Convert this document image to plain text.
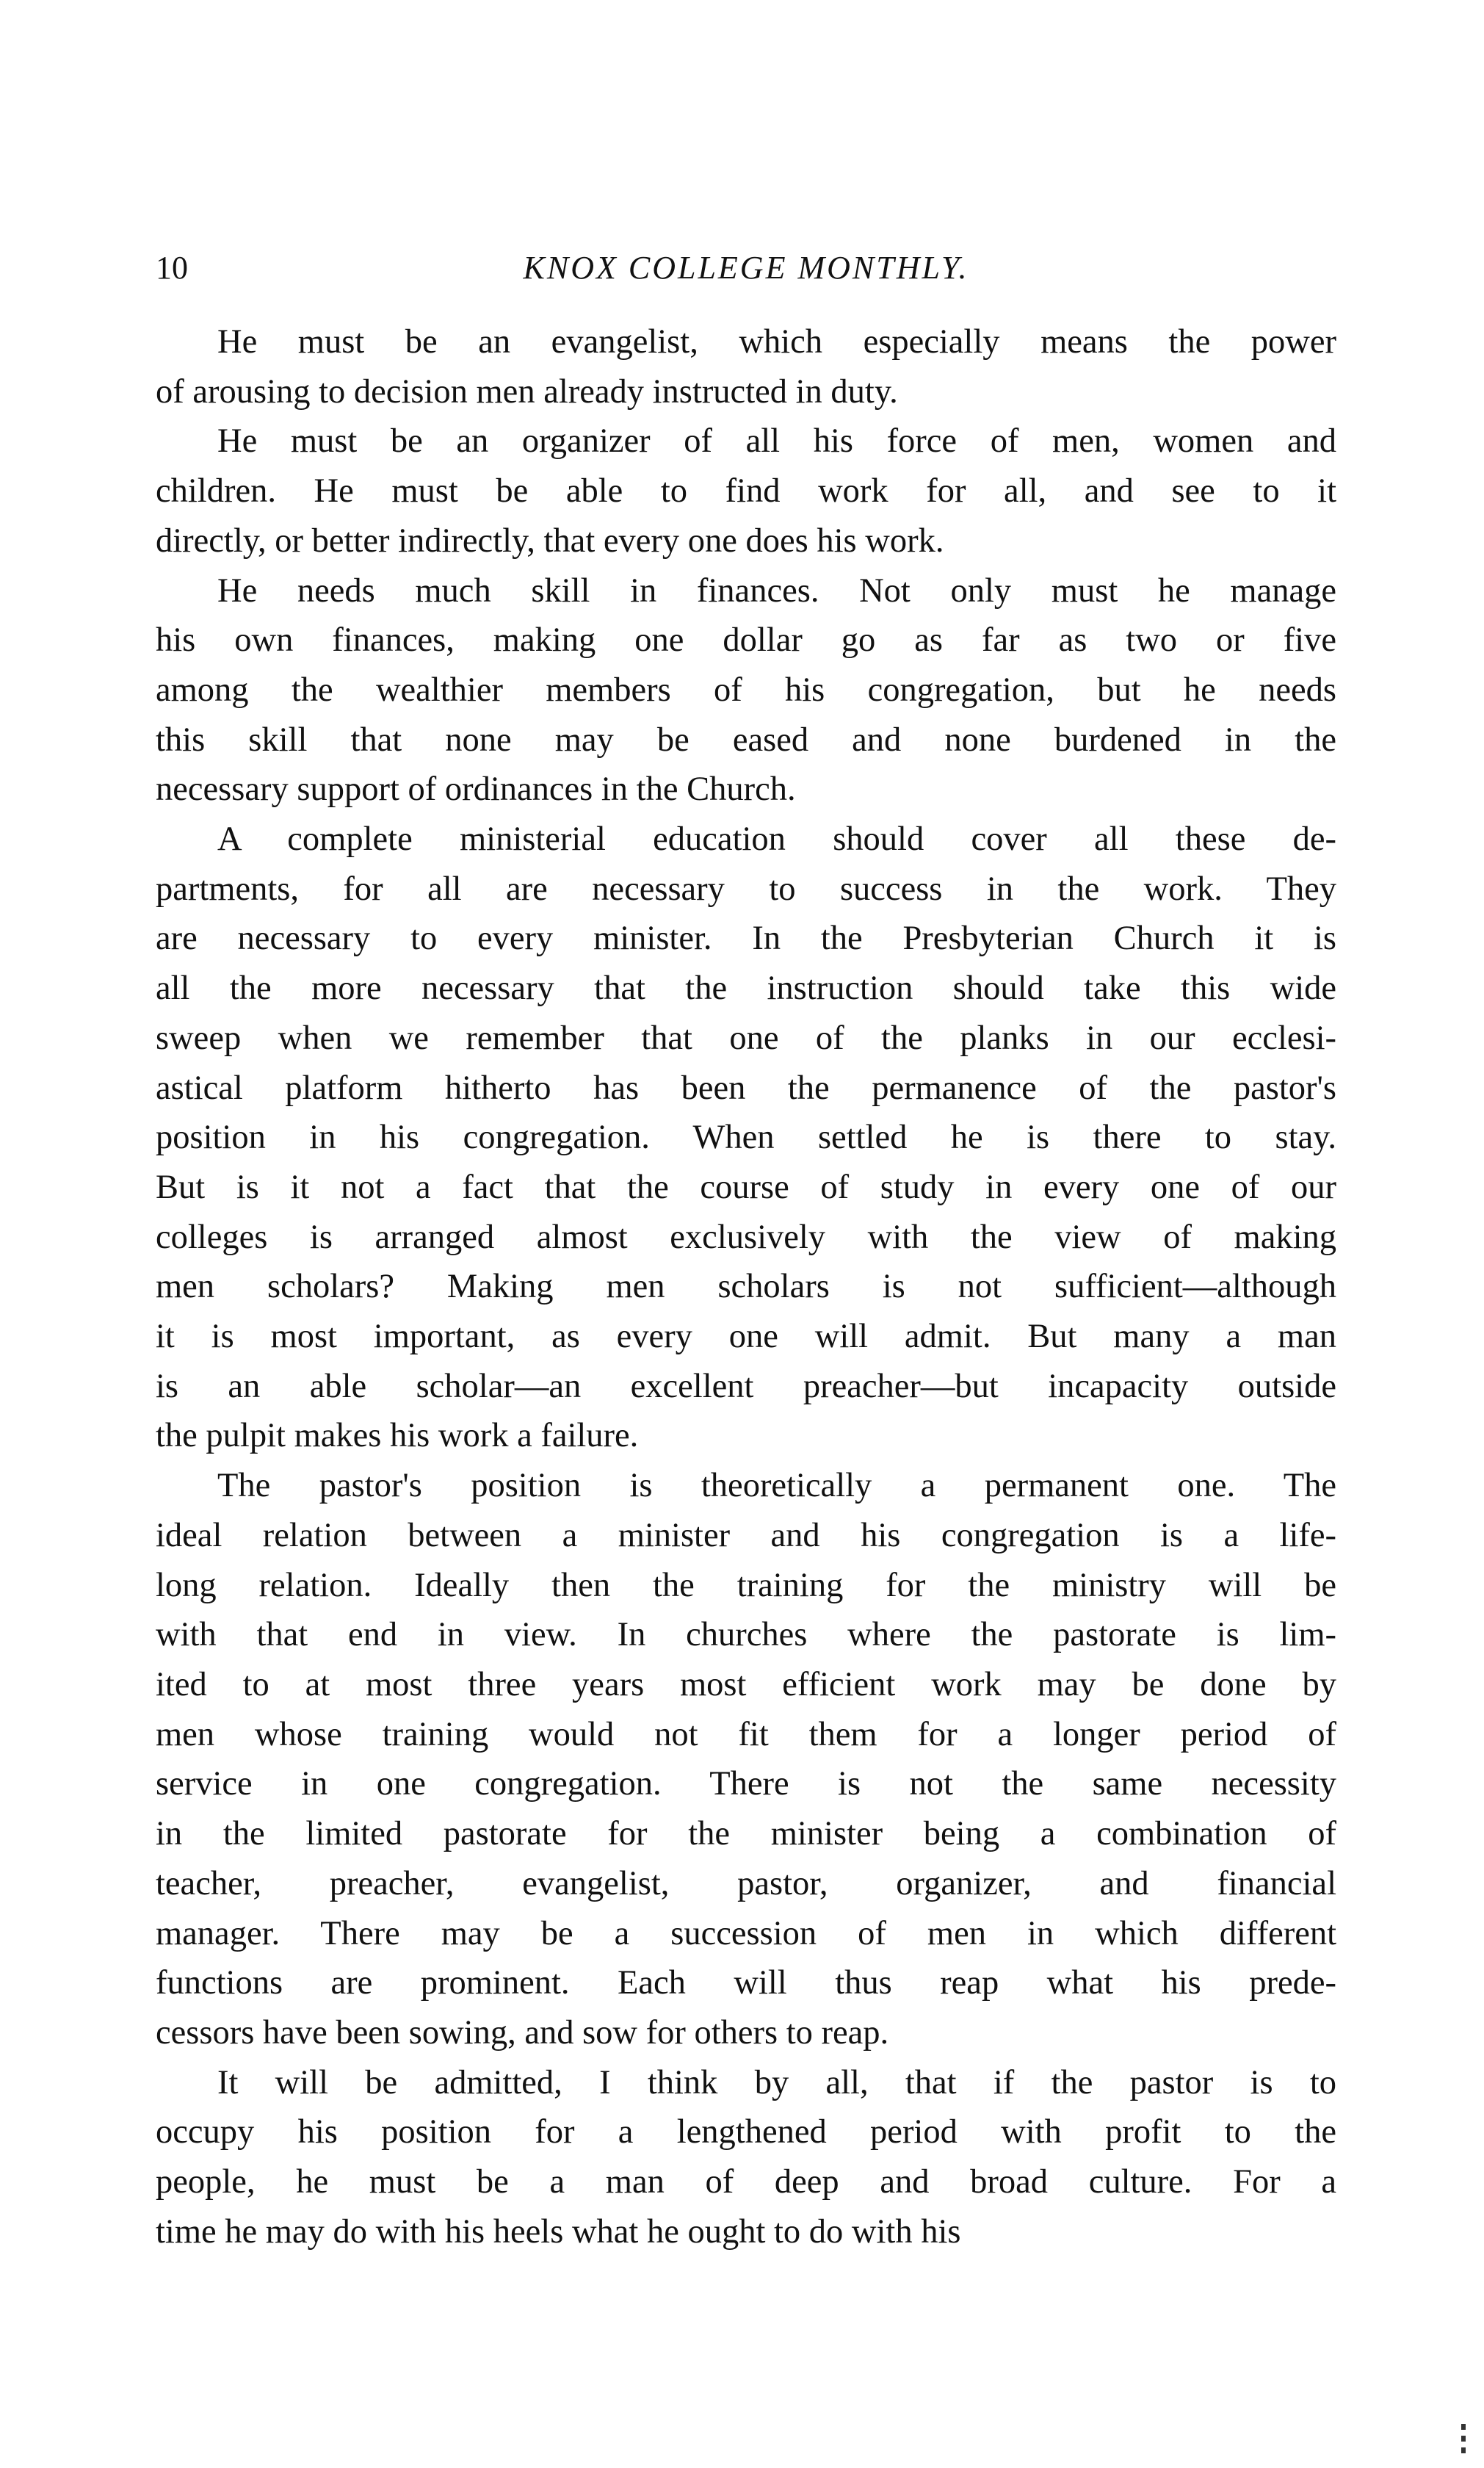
10	KNOX COLLEGE MONTHLY.
He must be an evangelist, which especially means the power
of arousing to decision men already instructed in duty.
He must be an organizer of all his force of men, women and
children. He must be able to find work for all, and see to it
directly, or better indirectly, that every one does his work.
He needs much skill in finances. Not only must he manage
his own finances, making one dollar go as far as two or five
among the wealthier members of his congregation, but he needs
this skill that none may be eased and none burdened in the
necessary support of ordinances in the Church.
A complete ministerial education should cover all these de-
partments, for all are necessary to success in the work. They
are necessary to every minister. In the Presbyterian Church it is
all the more necessary that the instruction should take this wide
sweep when we remember that one of the planks in our ecclesi-
astical platform hitherto has been the permanence of the pastor's
position in his congregation. When settled he is there to stay.
But is it not a fact that the course of study in every one of our
colleges is arranged almost exclusively with the view of making
men scholars? Making men scholars is not sufficient—although
it is most important, as every one will admit. But many a man
is an able scholar—an excellent preacher—but incapacity outside
the pulpit makes his work a failure.
The pastor's position is theoretically a permanent one. The
ideal relation between a minister and his congregation is a life-
long relation. Ideally then the training for the ministry will be
with that end in view. In churches where the pastorate is lim-
ited to at most three years most efficient work may be done by
men whose training would not fit them for a longer period of
service in one congregation. There is not the same necessity
in the limited pastorate for the minister being a combination of
teacher, preacher, evangelist, pastor, organizer, and financial
manager. There may be a succession of men in which different
functions are prominent. Each will thus reap what his prede-
cessors have been sowing, and sow for others to reap.
It will be admitted, I think by all, that if the pastor is to
occupy his position for a lengthened period with profit to the
people, he must be a man of deep and broad culture. For a
time he may do with his heels what he ought to do with his
